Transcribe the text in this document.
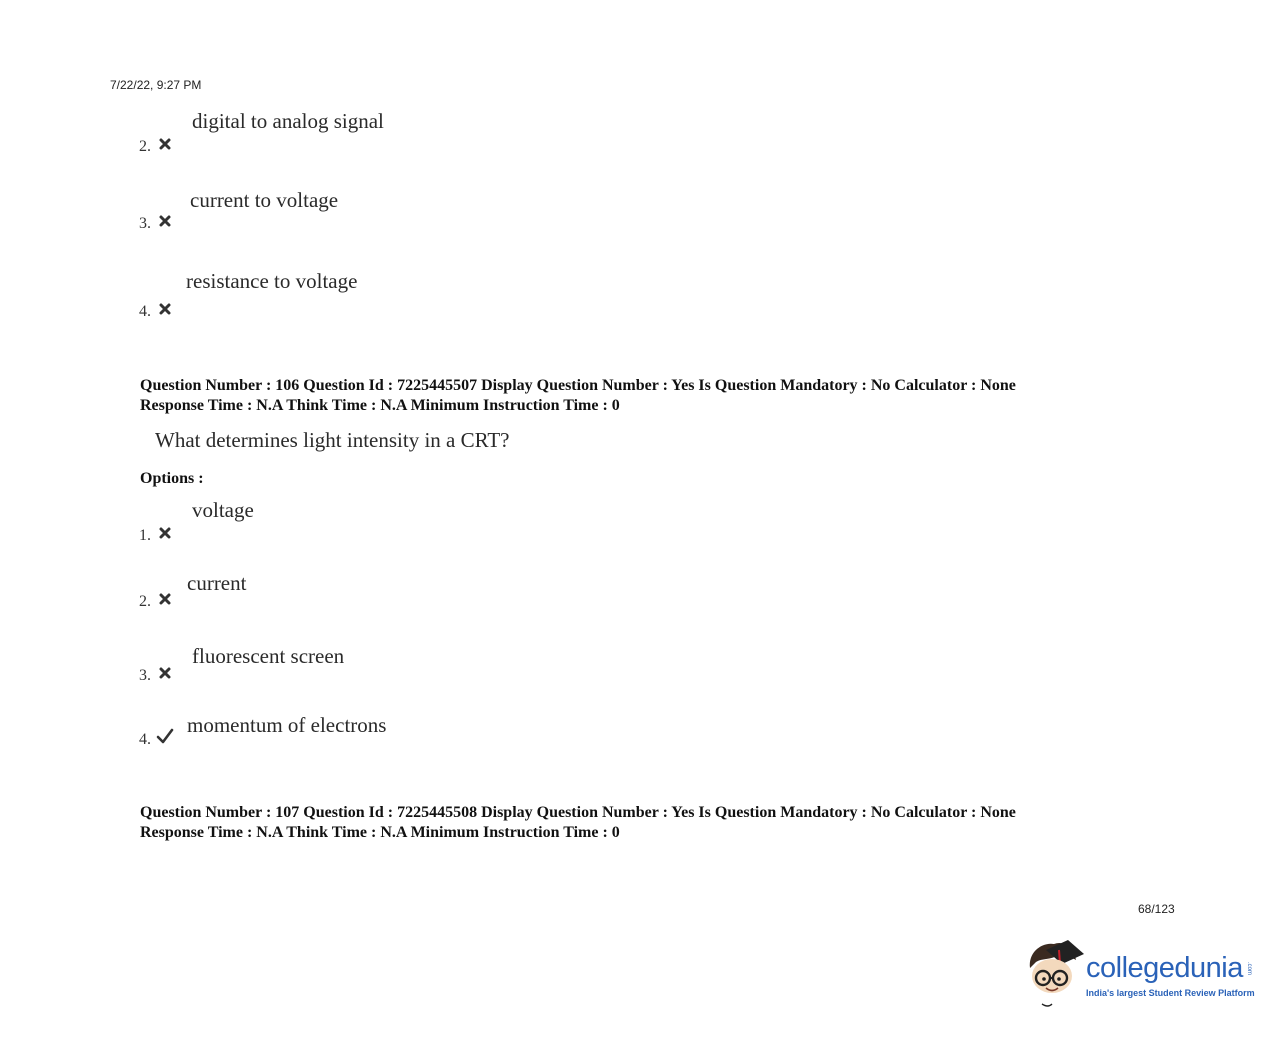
7/22/22, 9:27 PM
digital to analog signal
2.
current to voltage
3.
resistance to voltage
4.
Question Number : 106 Question Id : 7225445507 Display Question Number : Yes Is Question Mandatory : No Calculator : None
Response Time : N.A Think Time : N.A Minimum Instruction Time : 0
What determines light intensity in a CRT?
Options :
voltage
1.
current
2.
fluorescent screen
3.
momentum of electrons
4.
Question Number : 107 Question Id : 7225445508 Display Question Number : Yes Is Question Mandatory : No Calculator : None
Response Time : N.A Think Time : N.A Minimum Instruction Time : 0
68/123
collegedunia .com
India's largest Student Review Platform
